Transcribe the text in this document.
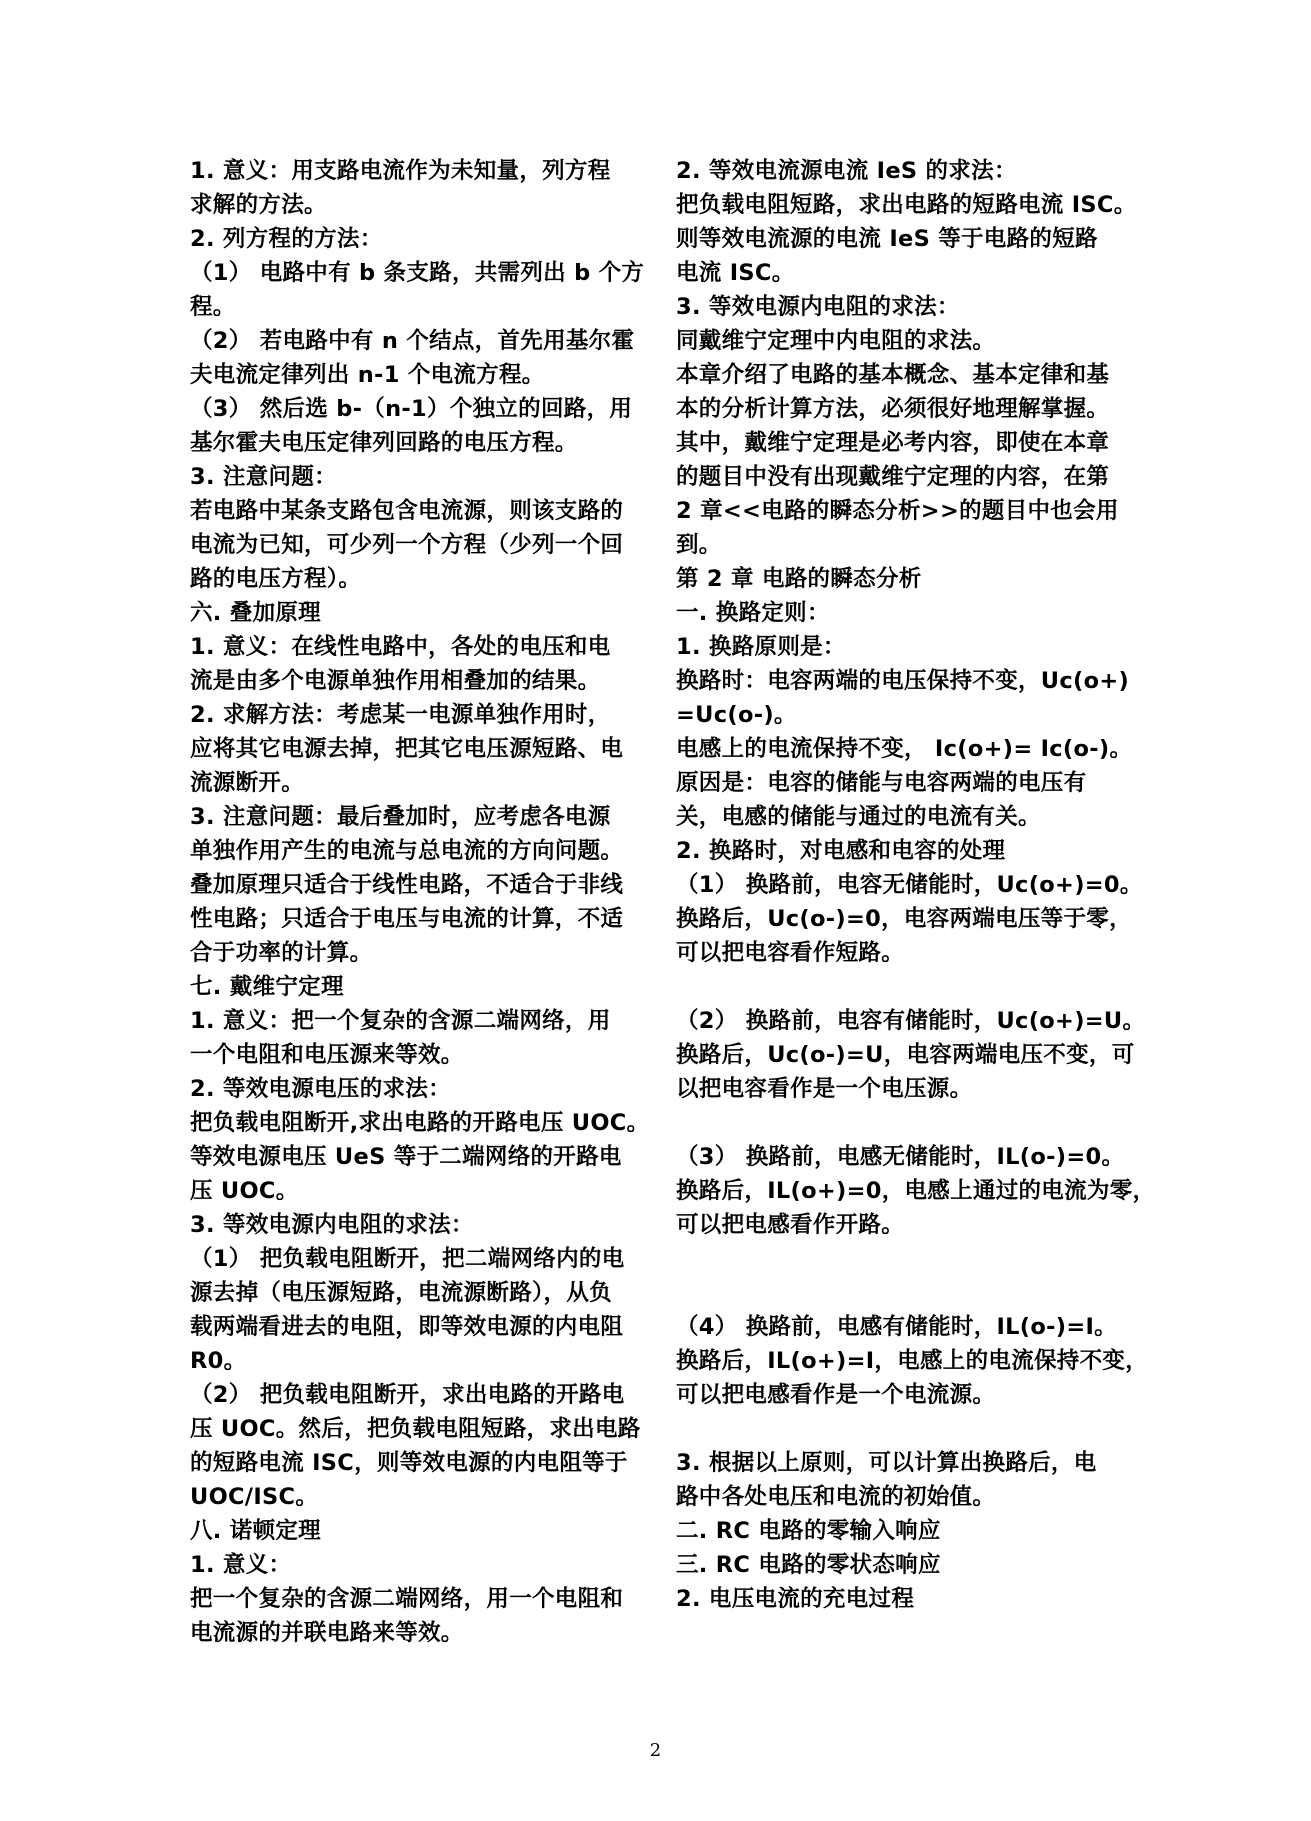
1. 意义：用支路电流作为未知量，列方程
求解的方法。
2. 列方程的方法：
（1） 电路中有 b 条支路，共需列出 b 个方
程。
（2） 若电路中有 n 个结点，首先用基尔霍
夫电流定律列出 n-1 个电流方程。
（3） 然后选 b-（n-1）个独立的回路，用
基尔霍夫电压定律列回路的电压方程。
3. 注意问题：
若电路中某条支路包含电流源，则该支路的
电流为已知，可少列一个方程（少列一个回
路的电压方程）。
六. 叠加原理
1. 意义：在线性电路中，各处的电压和电
流是由多个电源单独作用相叠加的结果。
2. 求解方法：考虑某一电源单独作用时，
应将其它电源去掉，把其它电压源短路、电
流源断开。
3. 注意问题：最后叠加时，应考虑各电源
单独作用产生的电流与总电流的方向问题。
叠加原理只适合于线性电路，不适合于非线
性电路；只适合于电压与电流的计算，不适
合于功率的计算。
七. 戴维宁定理
1. 意义：把一个复杂的含源二端网络，用
一个电阻和电压源来等效。
2. 等效电源电压的求法：
把负载电阻断开,求出电路的开路电压 UOC。
等效电源电压 UeS 等于二端网络的开路电
压 UOC。
3. 等效电源内电阻的求法：
（1） 把负载电阻断开，把二端网络内的电
源去掉（电压源短路，电流源断路），从负
载两端看进去的电阻，即等效电源的内电阻
R0。
（2） 把负载电阻断开，求出电路的开路电
压 UOC。然后，把负载电阻短路，求出电路
的短路电流 ISC，则等效电源的内电阻等于
UOC/ISC。
八. 诺顿定理
1. 意义：
把一个复杂的含源二端网络，用一个电阻和
电流源的并联电路来等效。
2. 等效电流源电流 IeS 的求法：
把负载电阻短路，求出电路的短路电流 ISC。
则等效电流源的电流 IeS 等于电路的短路
电流 ISC。
3. 等效电源内电阻的求法：
同戴维宁定理中内电阻的求法。
本章介绍了电路的基本概念、基本定律和基
本的分析计算方法，必须很好地理解掌握。
其中，戴维宁定理是必考内容，即使在本章
的题目中没有出现戴维宁定理的内容，在第
2 章<<电路的瞬态分析>>的题目中也会用
到。
第 2 章 电路的瞬态分析
一. 换路定则：
1. 换路原则是：
换路时：电容两端的电压保持不变，Uc(o+)
=Uc(o-)。
电感上的电流保持不变， Ic(o+)= Ic(o-)。
原因是：电容的储能与电容两端的电压有
关，电感的储能与通过的电流有关。
2. 换路时，对电感和电容的处理
（1） 换路前，电容无储能时，Uc(o+)=0。
换路后，Uc(o-)=0，电容两端电压等于零，
可以把电容看作短路。
（2） 换路前，电容有储能时，Uc(o+)=U。
换路后，Uc(o-)=U，电容两端电压不变，可
以把电容看作是一个电压源。
（3） 换路前，电感无储能时，IL(o-)=0。
换路后，IL(o+)=0，电感上通过的电流为零，
可以把电感看作开路。
（4） 换路前，电感有储能时，IL(o-)=I。
换路后，IL(o+)=I，电感上的电流保持不变，
可以把电感看作是一个电流源。
3. 根据以上原则，可以计算出换路后，电
路中各处电压和电流的初始值。
二. RC 电路的零输入响应
三. RC 电路的零状态响应
2. 电压电流的充电过程
2
